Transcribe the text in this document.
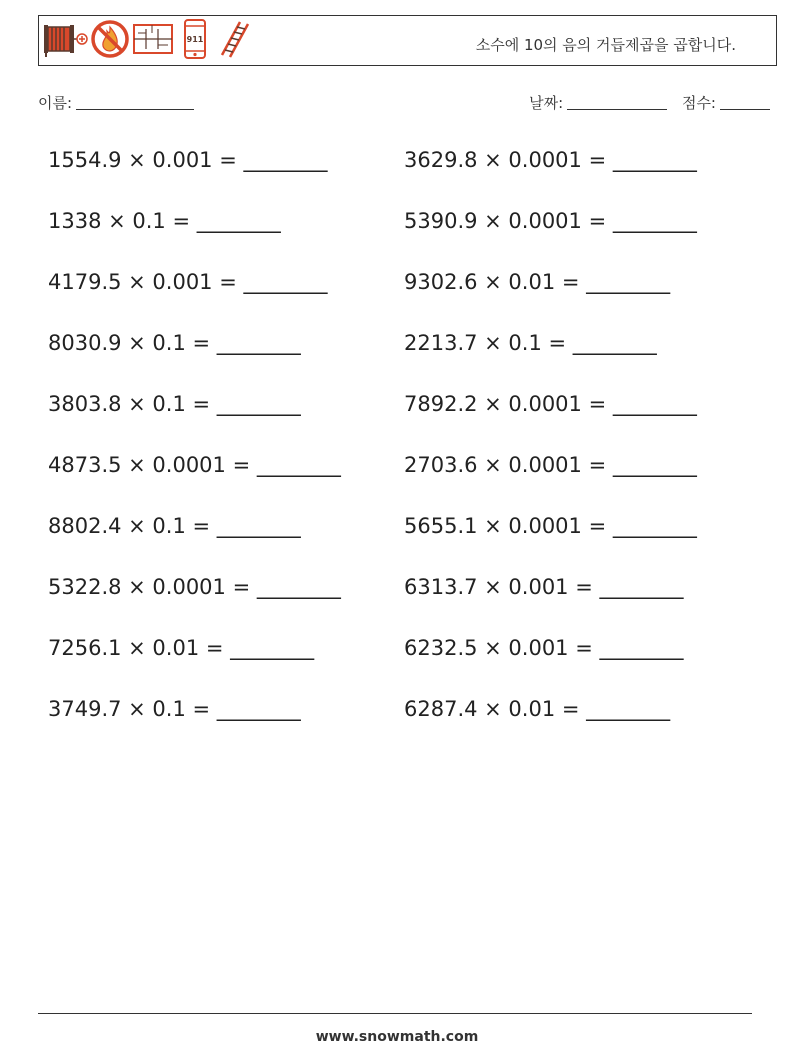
911	소수에 10의 음의 거듭제곱을 곱합니다.
이름:	날짜:	점수:
1554.9 × 0.001 = ________	3629.8 × 0.0001 = ________
1338 × 0.1 = ________	5390.9 × 0.0001 = ________
4179.5 × 0.001 = ________	9302.6 × 0.01 = ________
8030.9 × 0.1 = ________	2213.7 × 0.1 = ________
3803.8 × 0.1 = ________	7892.2 × 0.0001 = ________
4873.5 × 0.0001 = ________	2703.6 × 0.0001 = ________
8802.4 × 0.1 = ________	5655.1 × 0.0001 = ________
5322.8 × 0.0001 = ________	6313.7 × 0.001 = ________
7256.1 × 0.01 = ________	6232.5 × 0.001 = ________
3749.7 × 0.1 = ________	6287.4 × 0.01 = ________
www.snowmath.com
